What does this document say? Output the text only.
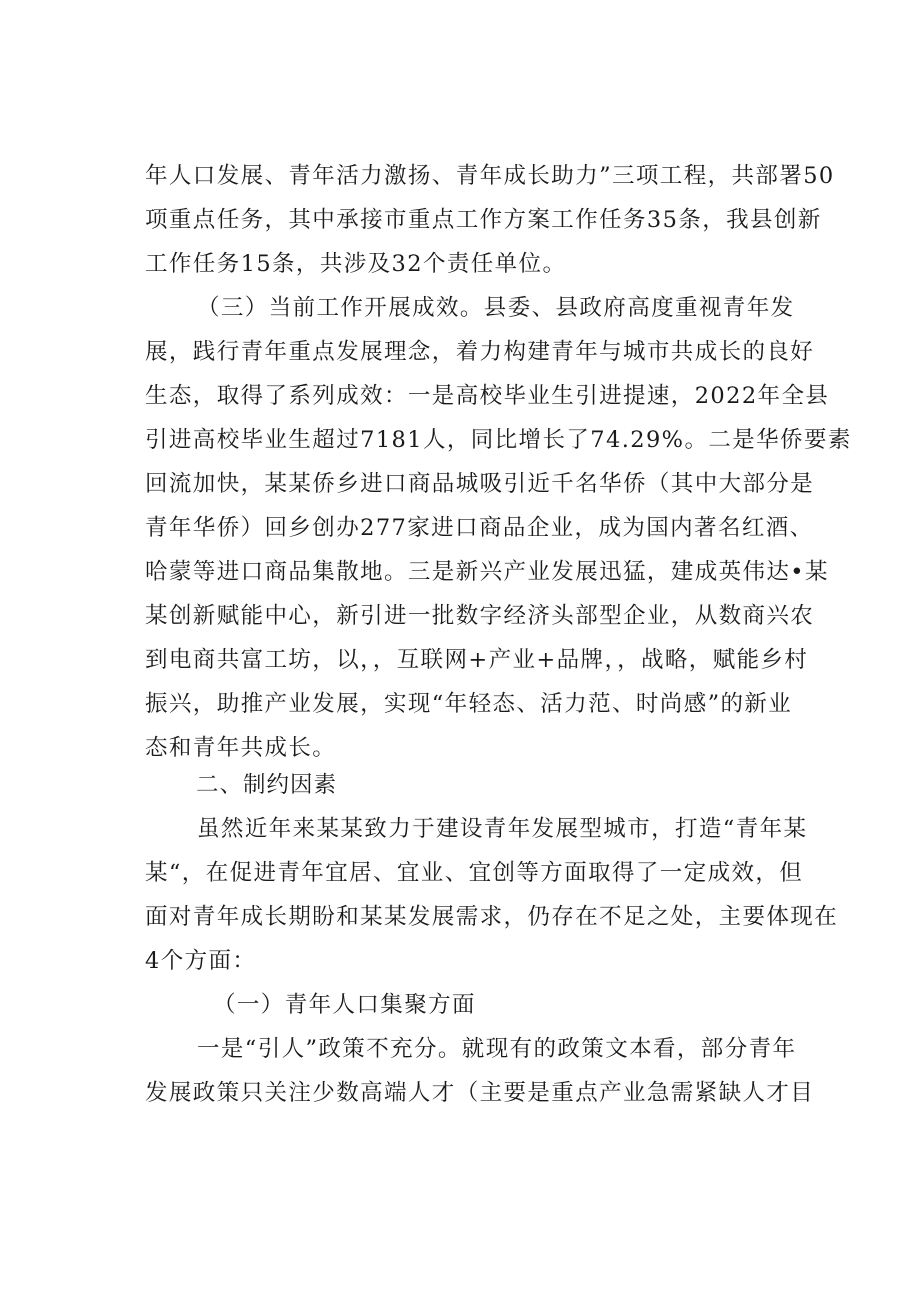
年人口发展、青年活力激扬、青年成长助力”三项工程，共部署50
项重点任务，其中承接市重点工作方案工作任务35条，我县创新
工作任务15条，共涉及32个责任单位。
（三）当前工作开展成效。县委、县政府高度重视青年发
展，践行青年重点发展理念，着力构建青年与城市共成长的良好
生态，取得了系列成效：一是高校毕业生引进提速，2022年全县
引进高校毕业生超过7181人，同比增长了74.29%。二是华侨要素
回流加快，某某侨乡进口商品城吸引近千名华侨（其中大部分是
青年华侨）回乡创办277家进口商品企业，成为国内著名红酒、
哈蒙等进口商品集散地。三是新兴产业发展迅猛，建成英伟达•某
某创新赋能中心，新引进一批数字经济头部型企业，从数商兴农
到电商共富工坊，以，，互联网+产业+品牌，，战略，赋能乡村
振兴，助推产业发展，实现“年轻态、活力范、时尚感”的新业
态和青年共成长。
二、制约因素
虽然近年来某某致力于建设青年发展型城市，打造“青年某
某“，在促进青年宜居、宜业、宜创等方面取得了一定成效，但
面对青年成长期盼和某某发展需求，仍存在不足之处，主要体现在
4个方面：
（一）青年人口集聚方面
一是“引人”政策不充分。就现有的政策文本看，部分青年
发展政策只关注少数高端人才（主要是重点产业急需紧缺人才目
